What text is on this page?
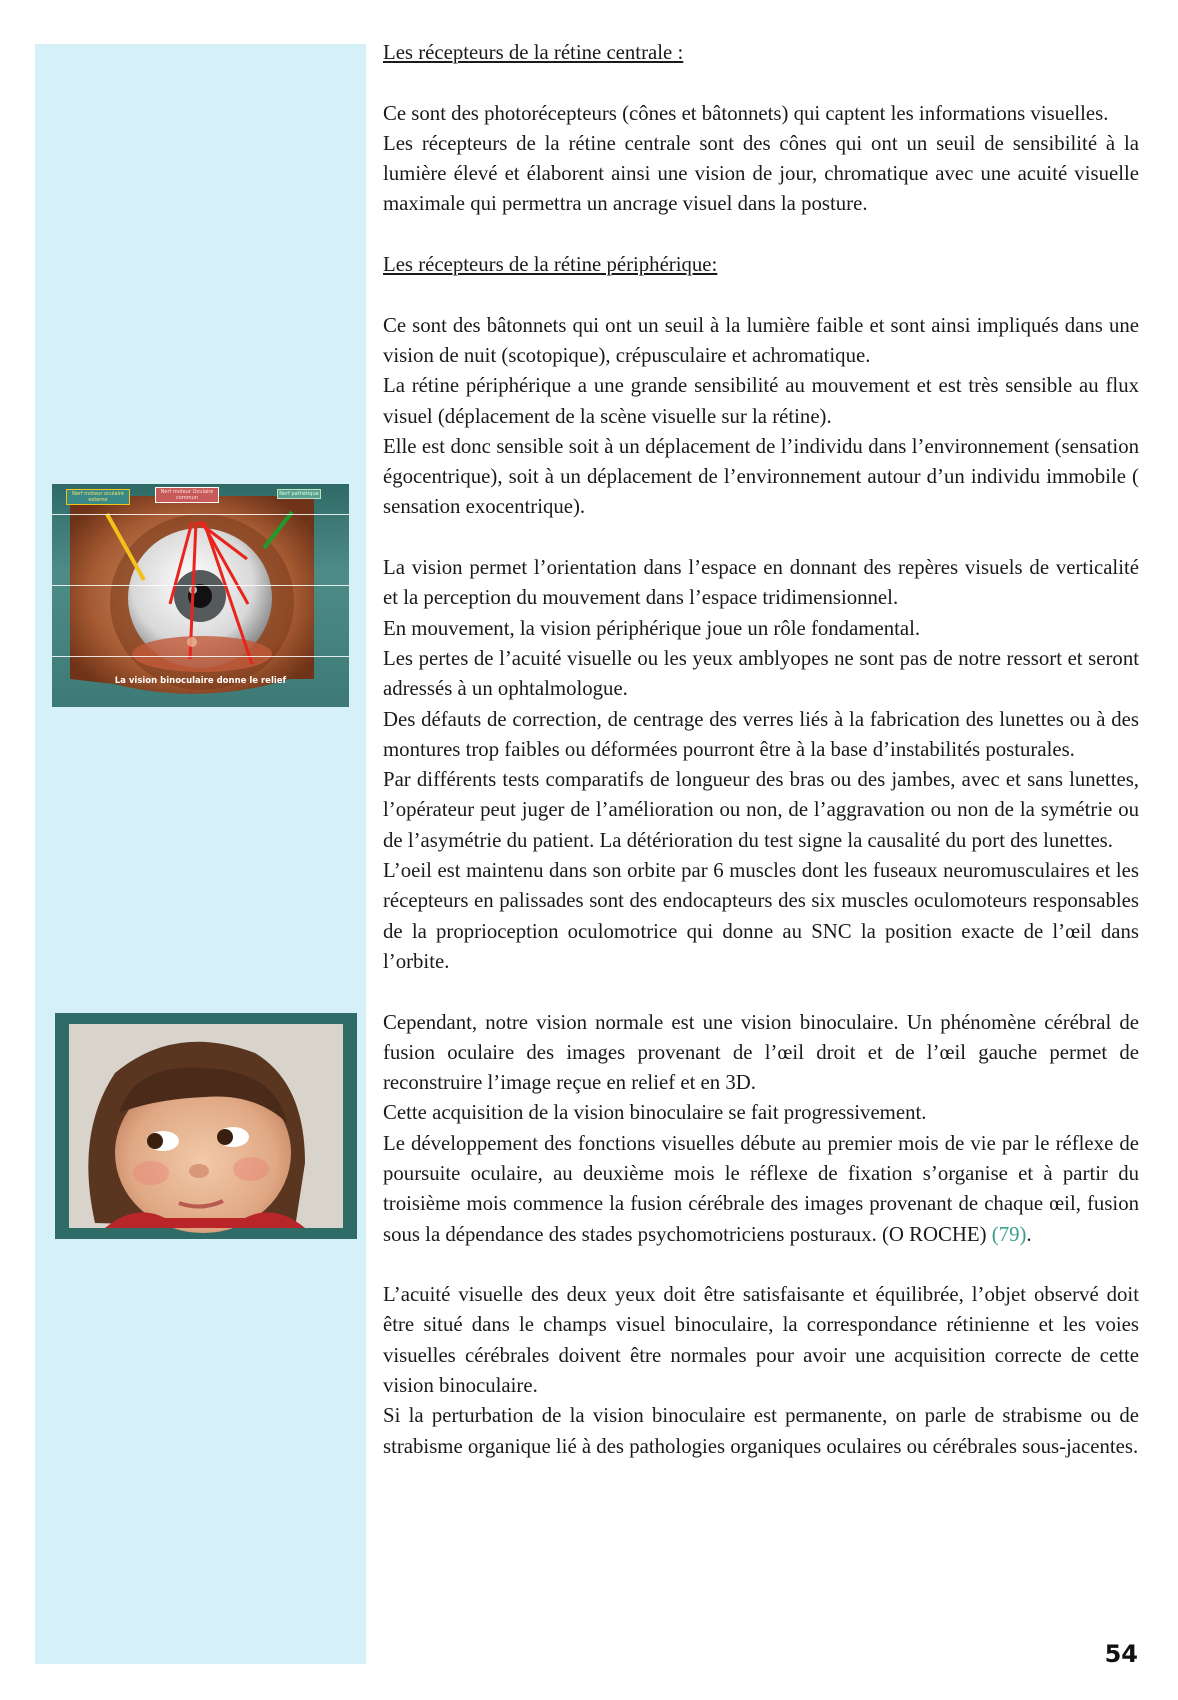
Nerf moteur oculaire externe
Nerf moteur Oculaire commun
Nerf pathétique
La vision binoculaire donne le relief
Les récepteurs de la rétine centrale :

Ce sont des photorécepteurs (cônes et bâtonnets) qui captent les informations visuelles.

Les récepteurs de la rétine centrale sont des cônes qui ont un seuil de sensibilité à la lumière élevé et élaborent ainsi une vision de jour, chromatique avec une acuité visuelle maximale qui permettra un ancrage visuel dans la posture.

Les récepteurs de la rétine périphérique:

Ce sont des bâtonnets qui ont un seuil à la lumière faible et sont ainsi impliqués dans une vision de nuit (scotopique), crépusculaire et achromatique.

La rétine périphérique a une grande sensibilité au mouvement et est très sensible au flux visuel (déplacement de la scène visuelle sur la rétine).

Elle est donc sensible soit à un déplacement de l’individu dans l’environnement (sensation égocentrique), soit à un déplacement de l’environnement autour d’un individu immobile ( sensation exocentrique).

La vision permet l’orientation dans l’espace en donnant des repères visuels de verticalité et la perception du mouvement dans l’espace tridimensionnel.

En mouvement, la vision périphérique joue un rôle fondamental.

Les pertes de l’acuité visuelle ou les yeux amblyopes ne sont pas de notre ressort et seront adressés à un ophtalmologue.

Des défauts de correction, de centrage des verres liés à la fabrication des lunettes ou à des montures trop faibles ou déformées pourront être à la base d’instabilités posturales.

Par différents tests comparatifs de longueur des bras ou des jambes, avec et sans lunettes, l’opérateur peut juger de l’amélioration ou non, de l’aggravation ou non de la symétrie ou de l’asymétrie du patient. La détérioration du test signe la causalité du port des lunettes.

L’oeil est maintenu dans son orbite par 6 muscles dont les fuseaux neuromusculaires et les récepteurs en palissades sont des endocapteurs des six muscles oculomoteurs responsables de la proprioception oculomotrice qui donne au SNC la position exacte de l’œil dans l’orbite.

Cependant, notre vision normale est une vision binoculaire. Un phénomène cérébral de fusion oculaire des images provenant de l’œil droit et de l’œil gauche permet de reconstruire l’image reçue en relief et en 3D.

Cette acquisition de la vision binoculaire se fait progressivement.

Le développement des fonctions visuelles débute au premier mois de vie par le réflexe de poursuite oculaire, au deuxième mois le réflexe de fixation s’organise et à partir du troisième mois commence la fusion cérébrale des images provenant de chaque œil, fusion sous la dépendance des stades psychomotriciens posturaux. (O ROCHE) (79).

L’acuité visuelle des deux yeux doit être satisfaisante et équilibrée, l’objet observé doit être situé dans le champs visuel binoculaire, la correspondance rétinienne et les voies visuelles cérébrales doivent être normales pour avoir une acquisition correcte de cette vision binoculaire.

Si la perturbation de la vision binoculaire est permanente, on parle de strabisme ou de strabisme organique lié à des pathologies organiques oculaires ou cérébrales sous-jacentes.

54
